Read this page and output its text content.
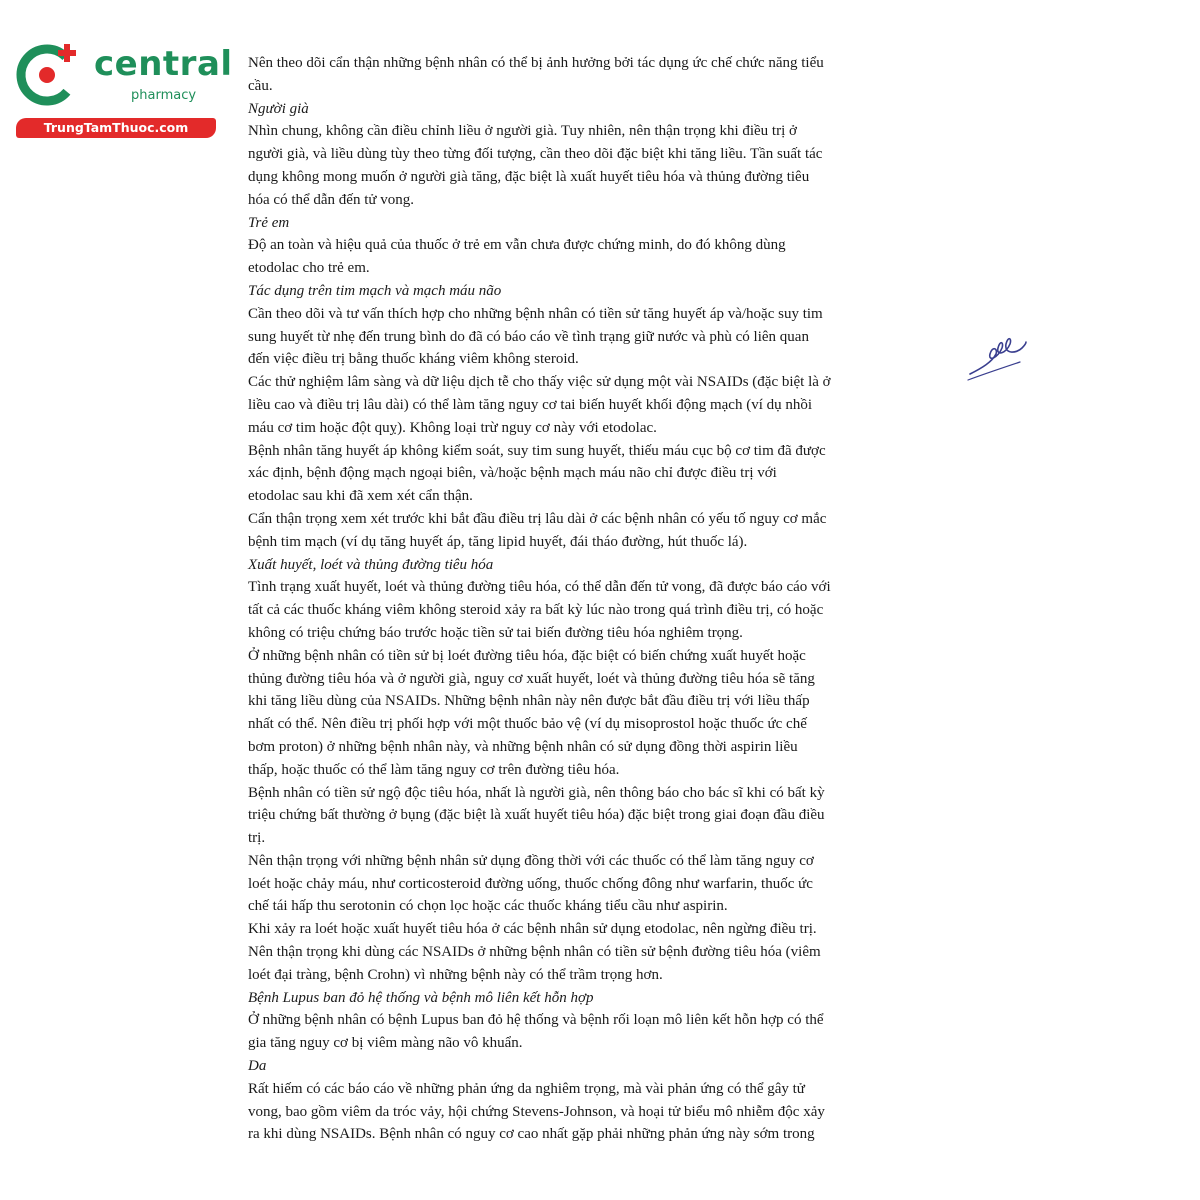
central
pharmacy
TrungTamThuoc.com

Nên theo dõi cẩn thận những bệnh nhân có thể bị ảnh hưởng bởi tác dụng ức chế chức năng tiểu

cầu.

Người già

Nhìn chung, không cần điều chỉnh liều ở người già. Tuy nhiên, nên thận trọng khi điều trị ở

người già, và liều dùng tùy theo từng đối tượng, cần theo dõi đặc biệt khi tăng liều. Tần suất tác

dụng không mong muốn ở người già tăng, đặc biệt là xuất huyết tiêu hóa và thủng đường tiêu

hóa có thể dẫn đến tử vong.

Trẻ em

Độ an toàn và hiệu quả của thuốc ở trẻ em vẫn chưa được chứng minh, do đó không dùng

etodolac cho trẻ em.

Tác dụng trên tim mạch và mạch máu não

Cần theo dõi và tư vấn thích hợp cho những bệnh nhân có tiền sử tăng huyết áp và/hoặc suy tim

sung huyết từ nhẹ đến trung bình do đã có báo cáo về tình trạng giữ nước và phù có liên quan

đến việc điều trị bằng thuốc kháng viêm không steroid.

Các thử nghiệm lâm sàng và dữ liệu dịch tễ cho thấy việc sử dụng một vài NSAIDs (đặc biệt là ở

liều cao và điều trị lâu dài) có thể làm tăng nguy cơ tai biến huyết khối động mạch (ví dụ nhồi

máu cơ tim hoặc đột quỵ). Không loại trừ nguy cơ này với etodolac.

Bệnh nhân tăng huyết áp không kiểm soát, suy tim sung huyết, thiếu máu cục bộ cơ tim đã được

xác định, bệnh động mạch ngoại biên, và/hoặc bệnh mạch máu não chỉ được điều trị với

etodolac sau khi đã xem xét cẩn thận.

Cẩn thận trọng xem xét trước khi bắt đầu điều trị lâu dài ở các bệnh nhân có yếu tố nguy cơ mắc

bệnh tim mạch (ví dụ tăng huyết áp, tăng lipid huyết, đái tháo đường, hút thuốc lá).

Xuất huyết, loét và thủng đường tiêu hóa

Tình trạng xuất huyết, loét và thủng đường tiêu hóa, có thể dẫn đến tử vong, đã được báo cáo với

tất cả các thuốc kháng viêm không steroid xảy ra bất kỳ lúc nào trong quá trình điều trị, có hoặc

không có triệu chứng báo trước hoặc tiền sử tai biến đường tiêu hóa nghiêm trọng.

Ở những bệnh nhân có tiền sử bị loét đường tiêu hóa, đặc biệt có biến chứng xuất huyết hoặc

thủng đường tiêu hóa và ở người già, nguy cơ xuất huyết, loét và thủng đường tiêu hóa sẽ tăng

khi tăng liều dùng của NSAIDs. Những bệnh nhân này nên được bắt đầu điều trị với liều thấp

nhất có thể. Nên điều trị phối hợp với một thuốc bảo vệ (ví dụ misoprostol hoặc thuốc ức chế

bơm proton) ở những bệnh nhân này, và những bệnh nhân có sử dụng đồng thời aspirin liều

thấp, hoặc thuốc có thể làm tăng nguy cơ trên đường tiêu hóa.

Bệnh nhân có tiền sử ngộ độc tiêu hóa, nhất là người già, nên thông báo cho bác sĩ khi có bất kỳ

triệu chứng bất thường ở bụng (đặc biệt là xuất huyết tiêu hóa) đặc biệt trong giai đoạn đầu điều

trị.

Nên thận trọng với những bệnh nhân sử dụng đồng thời với các thuốc có thể làm tăng nguy cơ

loét hoặc chảy máu, như corticosteroid đường uống, thuốc chống đông như warfarin, thuốc ức

chế tái hấp thu serotonin có chọn lọc hoặc các thuốc kháng tiểu cầu như aspirin.

Khi xảy ra loét hoặc xuất huyết tiêu hóa ở các bệnh nhân sử dụng etodolac, nên ngừng điều trị.

Nên thận trọng khi dùng các NSAIDs ở những bệnh nhân có tiền sử bệnh đường tiêu hóa (viêm

loét đại tràng, bệnh Crohn) vì những bệnh này có thể trầm trọng hơn.

Bệnh Lupus ban đỏ hệ thống và bệnh mô liên kết hỗn hợp

Ở những bệnh nhân có bệnh Lupus ban đỏ hệ thống và bệnh rối loạn mô liên kết hỗn hợp có thể

gia tăng nguy cơ bị viêm màng não vô khuẩn.

Da

Rất hiếm có các báo cáo về những phản ứng da nghiêm trọng, mà vài phản ứng có thể gây tử

vong, bao gồm viêm da tróc vảy, hội chứng Stevens-Johnson, và hoại tử biểu mô nhiễm độc xảy

ra khi dùng NSAIDs. Bệnh nhân có nguy cơ cao nhất gặp phải những phản ứng này sớm trong
